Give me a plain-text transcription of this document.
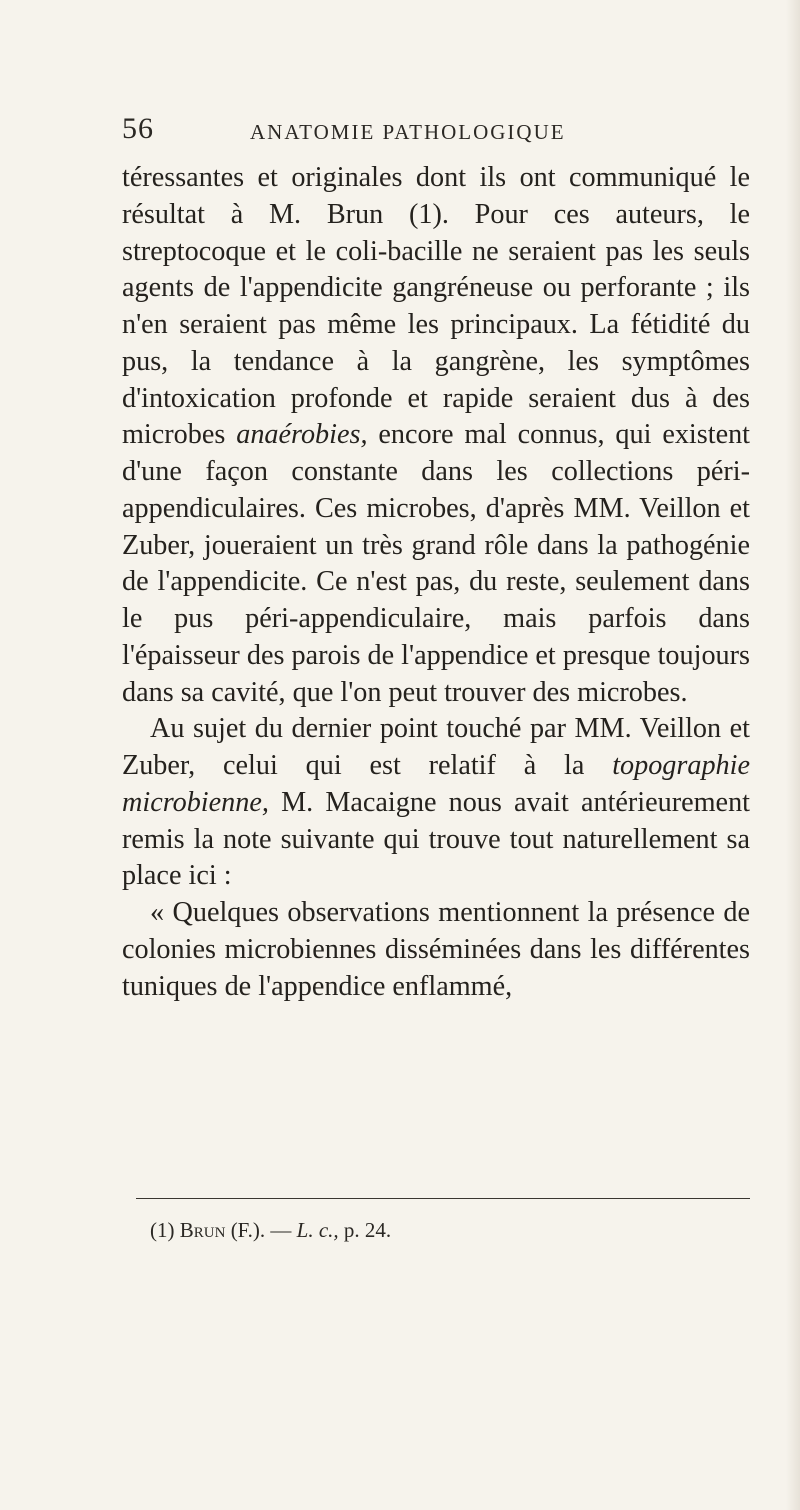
56	ANATOMIE PATHOLOGIQUE

téressantes et originales dont ils ont communiqué le résultat à M. Brun (1). Pour ces auteurs, le streptocoque et le coli-bacille ne seraient pas les seuls agents de l'appendicite gangréneuse ou perforante ; ils n'en seraient pas même les principaux. La fétidité du pus, la tendance à la gangrène, les symptômes d'intoxication profonde et rapide seraient dus à des microbes anaérobies, encore mal connus, qui existent d'une façon constante dans les collections péri-appendiculaires. Ces microbes, d'après MM. Veillon et Zuber, joueraient un très grand rôle dans la pathogénie de l'appendicite. Ce n'est pas, du reste, seulement dans le pus péri-appendiculaire, mais parfois dans l'épaisseur des parois de l'appendice et presque toujours dans sa cavité, que l'on peut trouver des microbes.

Au sujet du dernier point touché par MM. Veillon et Zuber, celui qui est relatif à la topographie microbienne, M. Macaigne nous avait antérieurement remis la note suivante qui trouve tout naturellement sa place ici :

« Quelques observations mentionnent la présence de colonies microbiennes disséminées dans les différentes tuniques de l'appendice enflammé,

(1) Brun (F.). — L. c., p. 24.
